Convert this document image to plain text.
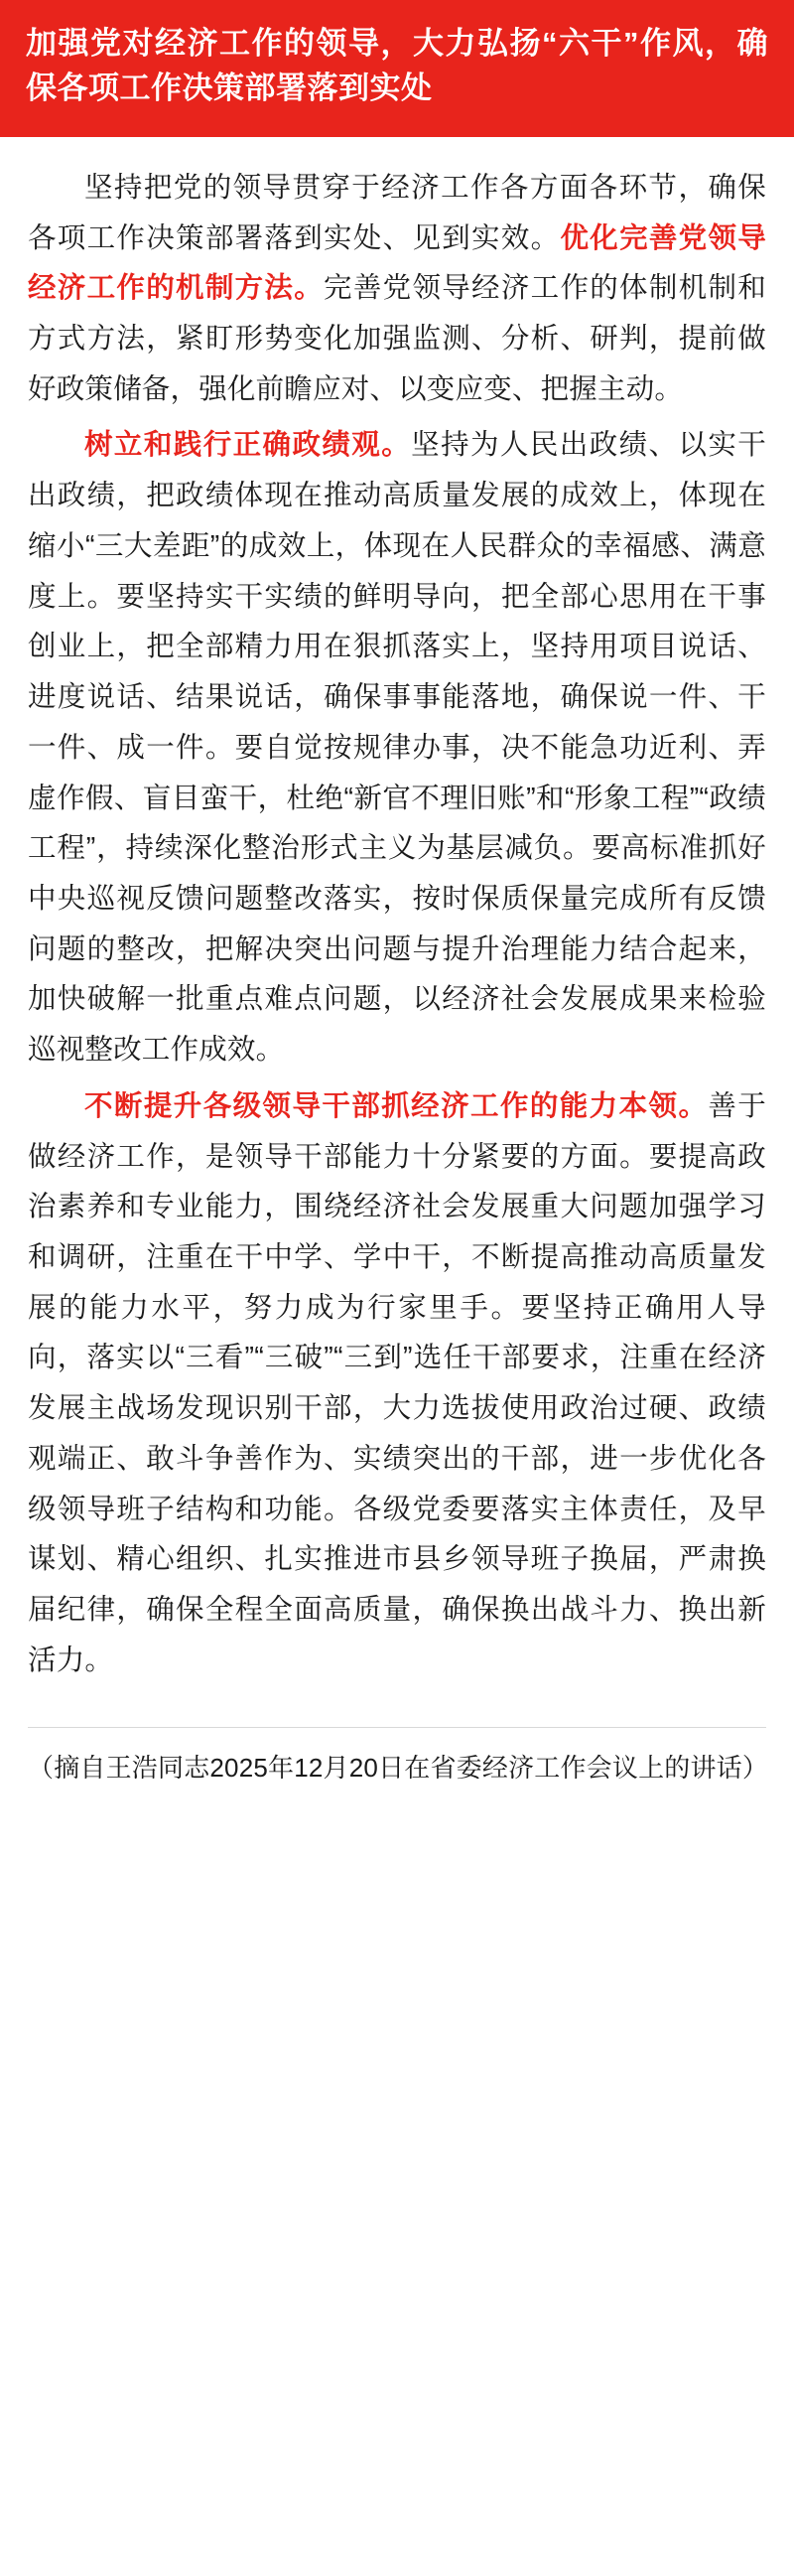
加强党对经济工作的领导，大力弘扬“六干”作风，确保各项工作决策部署落到实处

坚持把党的领导贯穿于经济工作各方面各环节，确保各项工作决策部署落到实处、见到实效。优化完善党领导经济工作的机制方法。完善党领导经济工作的体制机制和方式方法，紧盯形势变化加强监测、分析、研判，提前做好政策储备，强化前瞻应对、以变应变、把握主动。

树立和践行正确政绩观。坚持为人民出政绩、以实干出政绩，把政绩体现在推动高质量发展的成效上，体现在缩小“三大差距”的成效上，体现在人民群众的幸福感、满意度上。要坚持实干实绩的鲜明导向，把全部心思用在干事创业上，把全部精力用在狠抓落实上，坚持用项目说话、进度说话、结果说话，确保事事能落地，确保说一件、干一件、成一件。要自觉按规律办事，决不能急功近利、弄虚作假、盲目蛮干，杜绝“新官不理旧账”和“形象工程”“政绩工程”，持续深化整治形式主义为基层减负。要高标准抓好中央巡视反馈问题整改落实，按时保质保量完成所有反馈问题的整改，把解决突出问题与提升治理能力结合起来，加快破解一批重点难点问题，以经济社会发展成果来检验巡视整改工作成效。

不断提升各级领导干部抓经济工作的能力本领。善于做经济工作，是领导干部能力十分紧要的方面。要提高政治素养和专业能力，围绕经济社会发展重大问题加强学习和调研，注重在干中学、学中干，不断提高推动高质量发展的能力水平，努力成为行家里手。要坚持正确用人导向，落实以“三看”“三破”“三到”选任干部要求，注重在经济发展主战场发现识别干部，大力选拔使用政治过硬、政绩观端正、敢斗争善作为、实绩突出的干部，进一步优化各级领导班子结构和功能。各级党委要落实主体责任，及早谋划、精心组织、扎实推进市县乡领导班子换届，严肃换届纪律，确保全程全面高质量，确保换出战斗力、换出新活力。

（摘自王浩同志2025年12月20日在省委经济工作会议上的讲话）
